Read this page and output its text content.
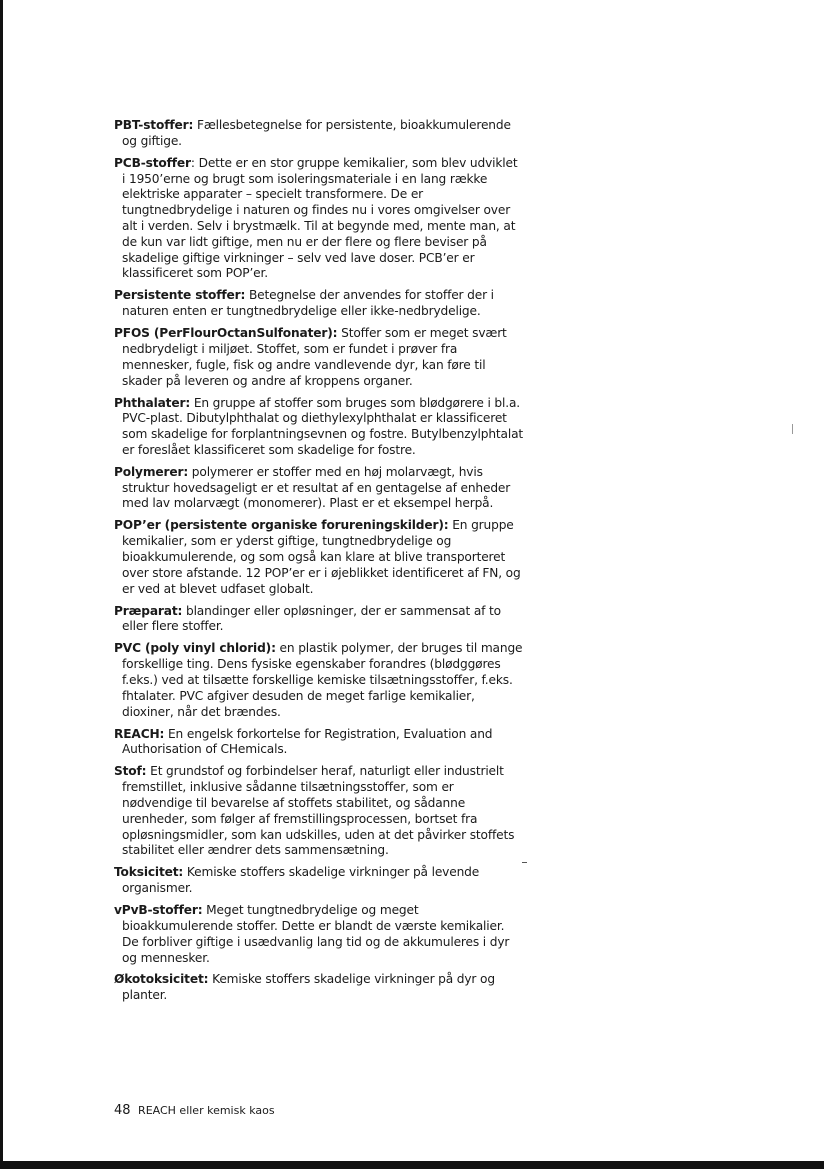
PBT-stoffer: Fællesbetegnelse for persistente, bioakkumulerende og giftige.

PCB-stoffer: Dette er en stor gruppe kemikalier, som blev udviklet i 1950’erne og brugt som isoleringsmateriale i en lang række elektriske apparater – specielt transformere. De er tungtnedbrydelige i naturen og findes nu i vores omgivelser over alt i verden. Selv i brystmælk. Til at begynde med, mente man, at de kun var lidt giftige, men nu er der flere og flere beviser på skadelige giftige virkninger – selv ved lave doser. PCB’er er klassificeret som POP’er.

Persistente stoffer: Betegnelse der anvendes for stoffer der i naturen enten er tungtnedbrydelige eller ikke-nedbrydelige.

PFOS (PerFlourOctanSulfonater): Stoffer som er meget svært nedbrydeligt i miljøet. Stoffet, som er fundet i prøver fra mennesker, fugle, fisk og andre vandlevende dyr, kan føre til skader på leveren og andre af kroppens organer.

Phthalater: En gruppe af stoffer som bruges som blødgørere i bl.a. PVC-plast. Dibutylphthalat og diethylexylphthalat er klassificeret som skadelige for forplantningsevnen og fostre. Butylbenzylphtalat er foreslået klassificeret som skadelige for fostre.

Polymerer: polymerer er stoffer med en høj molarvægt, hvis struktur hovedsageligt er et resultat af en gentagelse af enheder med lav molarvægt (monomerer). Plast er et eksempel herpå.

POP’er (persistente organiske forureningskilder): En gruppe kemikalier, som er yderst giftige, tungtnedbrydelige og bioakkumulerende, og som også kan klare at blive transporteret over store afstande. 12 POP’er er i øjeblikket identificeret af FN, og er ved at blevet udfaset globalt.

Præparat: blandinger eller opløsninger, der er sammensat af to eller flere stoffer.

PVC (poly vinyl chlorid): en plastik polymer, der bruges til mange forskellige ting. Dens fysiske egenskaber forandres (blødggøres f.eks.) ved at tilsætte forskellige kemiske tilsætningsstoffer, f.eks. fhtalater. PVC afgiver desuden de meget farlige kemikalier, dioxiner, når det brændes.

REACH: En engelsk forkortelse for Registration, Evaluation and Authorisation of CHemicals.

Stof: Et grundstof og forbindelser heraf, naturligt eller industrielt fremstillet, inklusive sådanne tilsætningsstoffer, som er nødvendige til bevarelse af stoffets stabilitet, og sådanne urenheder, som følger af fremstillingsprocessen, bortset fra opløsningsmidler, som kan udskilles, uden at det påvirker stoffets stabilitet eller ændrer dets sammensætning.

Toksicitet: Kemiske stoffers skadelige virkninger på levende organismer.

vPvB-stoffer: Meget tungtnedbrydelige og meget bioakkumulerende stoffer. Dette er blandt de værste kemikalier. De forbliver giftige i usædvanlig lang tid og de akkumuleres i dyr og mennesker.

Økotoksicitet: Kemiske stoffers skadelige virkninger på dyr og planter.

48 REACH eller kemisk kaos
